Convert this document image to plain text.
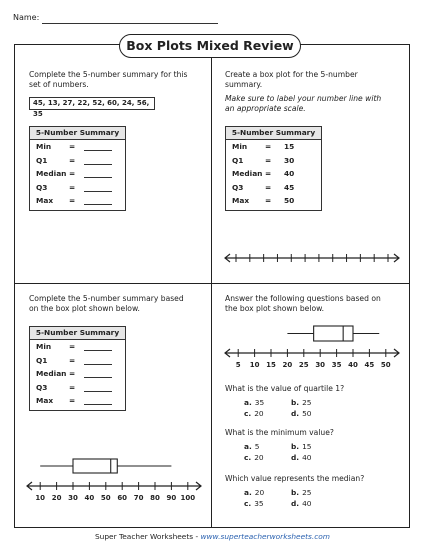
Name:
Box Plots Mixed Review
Complete the 5-number summary for this
set of numbers.
45, 13, 27, 22, 52, 60, 24, 56, 35
5-Number Summary
Min =
Q1	=
Median =
Q3	=
Max =
Create a box plot for the 5-number
summary.
Make sure to label your number line with
an appropriate scale.
5-Number Summary
Min = 15
Q1	= 30
Median = 40
Q3	= 45
Max = 50
Complete the 5-number summary based
on the box plot shown below.
5-Number Summary
Min =
Q1	=
Median =
Q3	=
Max =
10 20 30 40 50 60 70 80 90 100
Answer the following questions based on
the box plot shown below.
5 10 15 20 25 30 35 40 45 50
What is the value of quartile 1?
a. 35	b. 25
c. 20	d. 50
What is the minimum value?
a. 5	b. 15
c. 20	d. 40
Which value represents the median?
a. 20	b. 25
c. 35	d. 40
Super Teacher Worksheets - www.superteacherworksheets.com
